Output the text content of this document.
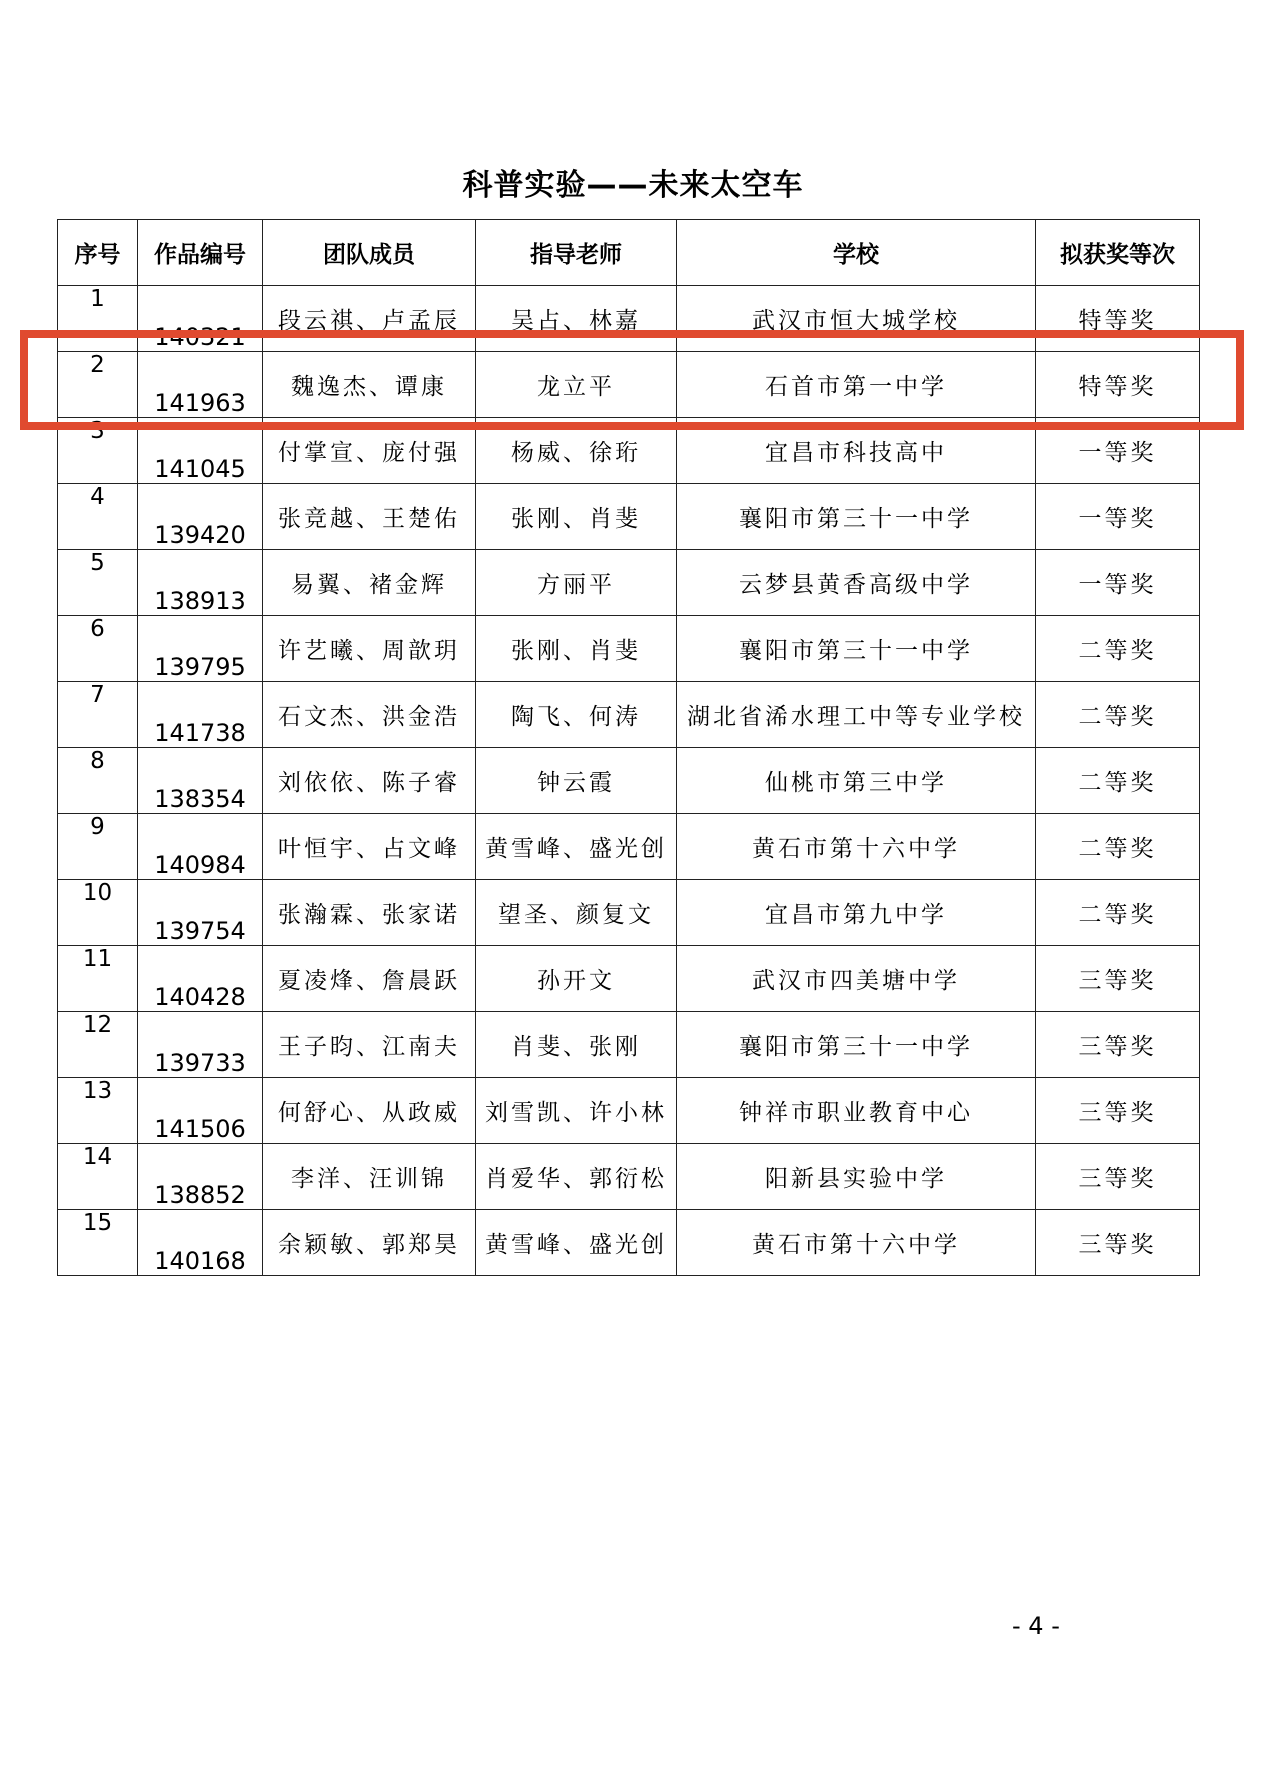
科普实验——未来太空车
序号	作品编号	团队成员	指导老师	学校	拟获奖等次
1	140321	段云祺、卢孟辰	吴占、林嘉	武汉市恒大城学校	特等奖
2	141963	魏逸杰、谭康	龙立平	石首市第一中学	特等奖
3	141045	付掌宣、庞付强	杨威、徐珩	宜昌市科技高中	一等奖
4	139420	张竞越、王楚佑	张刚、肖斐	襄阳市第三十一中学	一等奖
5	138913	易翼、褚金辉	方丽平	云梦县黄香高级中学	一等奖
6	139795	许艺曦、周歆玥	张刚、肖斐	襄阳市第三十一中学	二等奖
7	141738	石文杰、洪金浩	陶飞、何涛	湖北省浠水理工中等专业学校	二等奖
8	138354	刘依依、陈子睿	钟云霞	仙桃市第三中学	二等奖
9	140984	叶恒宇、占文峰	黄雪峰、盛光创	黄石市第十六中学	二等奖
10	139754	张瀚霖、张家诺	望圣、颜复文	宜昌市第九中学	二等奖
11	140428	夏凌烽、詹晨跃	孙开文	武汉市四美塘中学	三等奖
12	139733	王子昀、江南夫	肖斐、张刚	襄阳市第三十一中学	三等奖
13	141506	何舒心、从政威	刘雪凯、许小林	钟祥市职业教育中心	三等奖
14	138852	李洋、汪训锦	肖爱华、郭衍松	阳新县实验中学	三等奖
15	140168	余颖敏、郭郑昊	黄雪峰、盛光创	黄石市第十六中学	三等奖
- 4 -
